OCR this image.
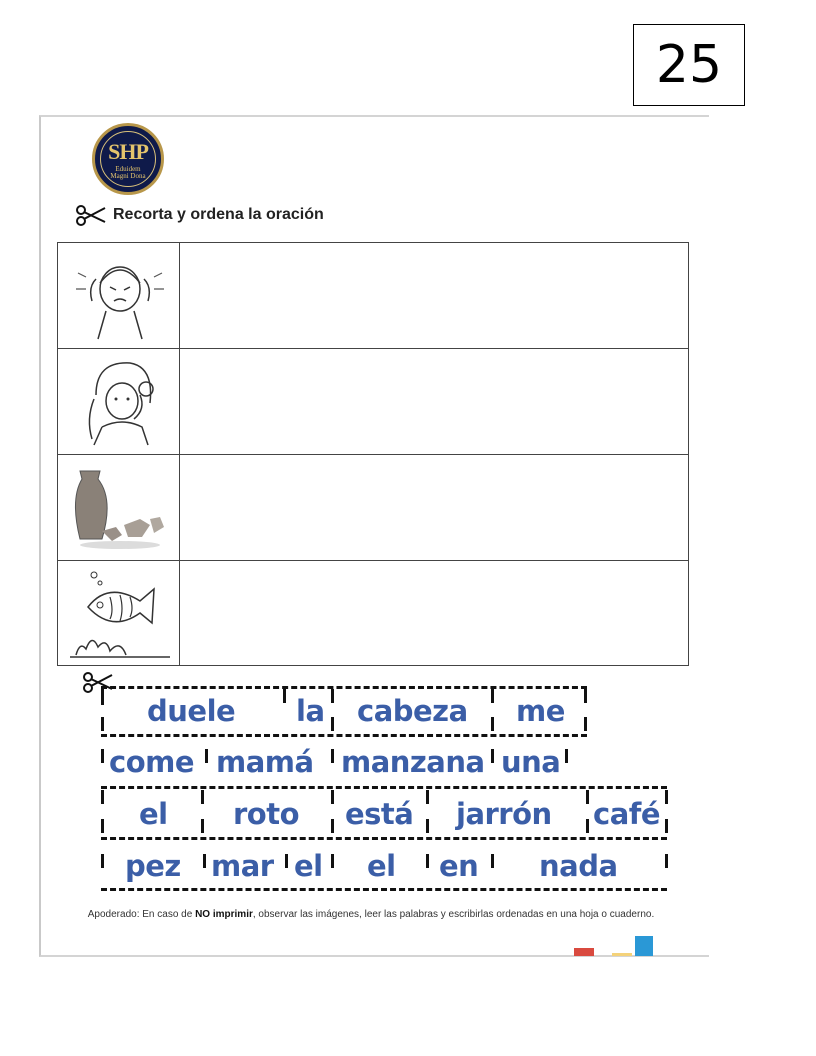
25
SHP
Eduidem
Magni Dona
Recorta y ordena la oración
duele la cabeza me
come mamá manzana una
el roto está jarrón café
pez mar el el en nada
Apoderado: En caso de NO imprimir, observar las imágenes, leer las palabras y escribirlas ordenadas en una hoja o cuaderno.
